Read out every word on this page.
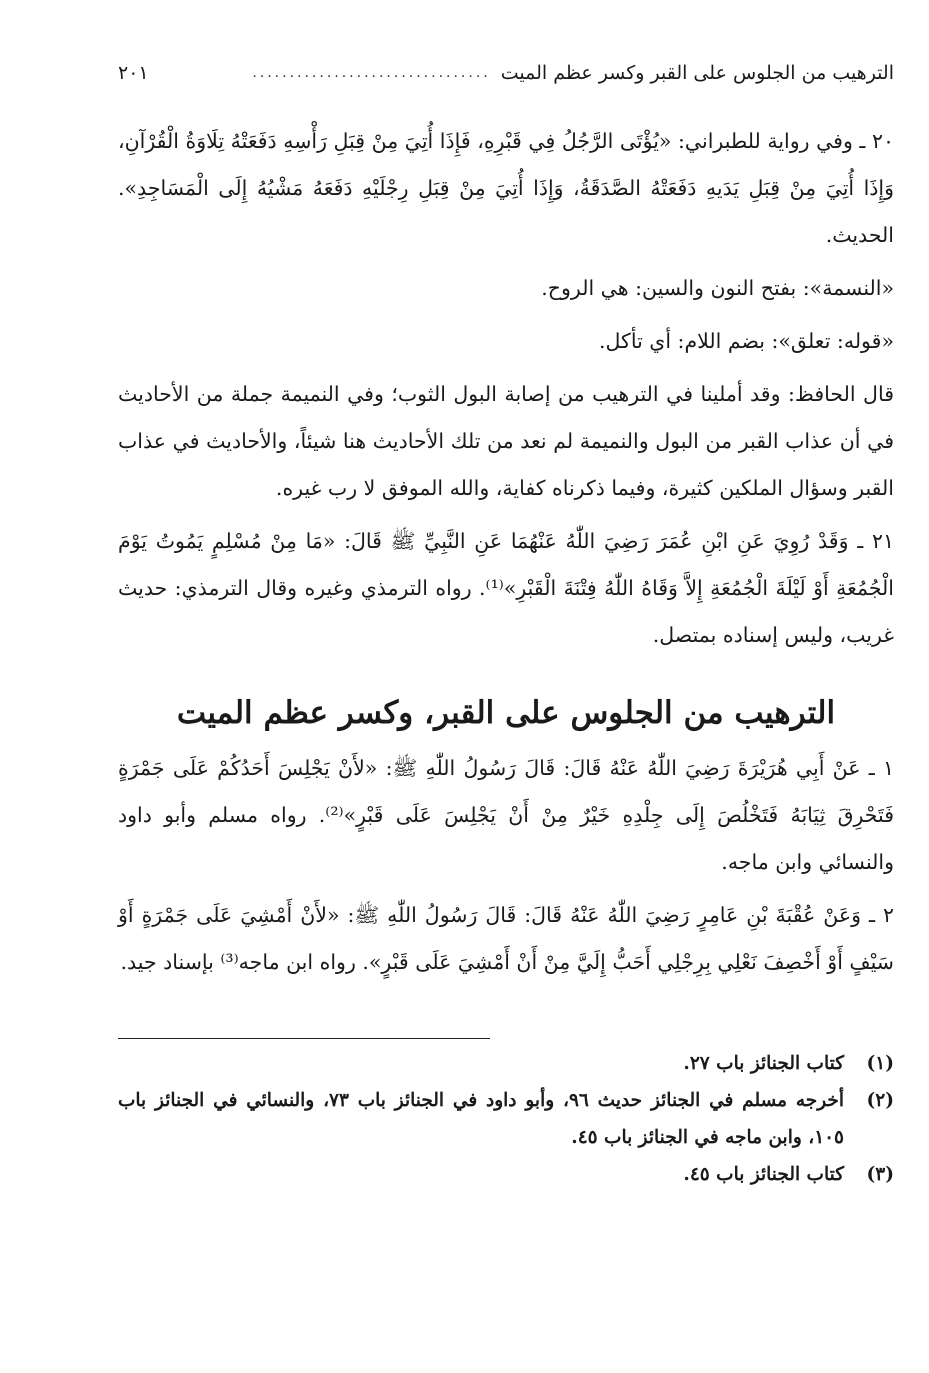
الترهيب من الجلوس على القبر وكسر عظم الميت
................................
٢٠١

٢٠ ـ وفي رواية للطبراني: «يُؤْتَى الرَّجُلُ فِي قَبْرِهِ، فَإِذَا أُتِيَ مِنْ قِبَلِ رَأْسِهِ دَفَعَتْهُ تِلَاوَةُ الْقُرْآنِ، وَإِذَا أُتِيَ مِنْ قِبَلِ يَدَيهِ دَفَعَتْهُ الصَّدَقَةُ، وَإِذَا أُتِيَ مِنْ قِبَلِ رِجْلَيْهِ دَفَعَهُ مَشْيُهُ إِلَى الْمَسَاجِدِ». الحديث.

«النسمة»: بفتح النون والسين: هي الروح.

«قوله: تعلق»: بضم اللام: أي تأكل.

قال الحافظ: وقد أملينا في الترهيب من إصابة البول الثوب؛ وفي النميمة جملة من الأحاديث في أن عذاب القبر من البول والنميمة لم نعد من تلك الأحاديث هنا شيئاً، والأحاديث في عذاب القبر وسؤال الملكين كثيرة، وفيما ذكرناه كفاية، والله الموفق لا رب غيره.

٢١ ـ وَقَدْ رُوِيَ عَنِ ابْنِ عُمَرَ رَضِيَ اللّٰهُ عَنْهُمَا عَنِ النَّبِيِّ ﷺ قَالَ: «مَا مِنْ مُسْلِمٍ يَمُوتُ يَوْمَ الْجُمُعَةِ أَوْ لَيْلَةَ الْجُمُعَةِ إِلاَّ وَقَاهُ اللّٰهُ فِتْنَةَ الْقَبْرِ»⁽¹⁾. رواه الترمذي وغيره وقال الترمذي: حديث غريب، وليس إسناده بمتصل.

الترهيب من الجلوس على القبر، وكسر عظم الميت

١ ـ عَنْ أَبِي هُرَيْرَةَ رَضِيَ اللّٰهُ عَنْهُ قَالَ: قَالَ رَسُولُ اللّٰهِ ﷺ: «لأَنْ يَجْلِسَ أَحَدُكُمْ عَلَى جَمْرَةٍ فَتَحْرِقَ ثِيَابَهُ فَتَخْلُصَ إِلَى جِلْدِهِ خَيْرٌ مِنْ أَنْ يَجْلِسَ عَلَى قَبْرٍ»⁽²⁾. رواه مسلم وأبو داود والنسائي وابن ماجه.

٢ ـ وَعَنْ عُقْبَةَ بْنِ عَامِرٍ رَضِيَ اللّٰهُ عَنْهُ قَالَ: قَالَ رَسُولُ اللّٰهِ ﷺ: «لأَنْ أَمْشِيَ عَلَى جَمْرَةٍ أَوْ سَيْفٍ أَوْ أَخْصِفَ نَعْلِي بِرِجْلِي أَحَبُّ إِلَيَّ مِنْ أَنْ أَمْشِيَ عَلَى قَبْرٍ». رواه ابن ماجه⁽³⁾ بإسناد جيد.

(١)
كتاب الجنائز باب ٢٧.
(٢)
أخرجه مسلم في الجنائز حديث ٩٦، وأبو داود في الجنائز باب ٧٣، والنسائي في الجنائز باب ١٠٥، وابن ماجه في الجنائز باب ٤٥.
(٣)
كتاب الجنائز باب ٤٥.
